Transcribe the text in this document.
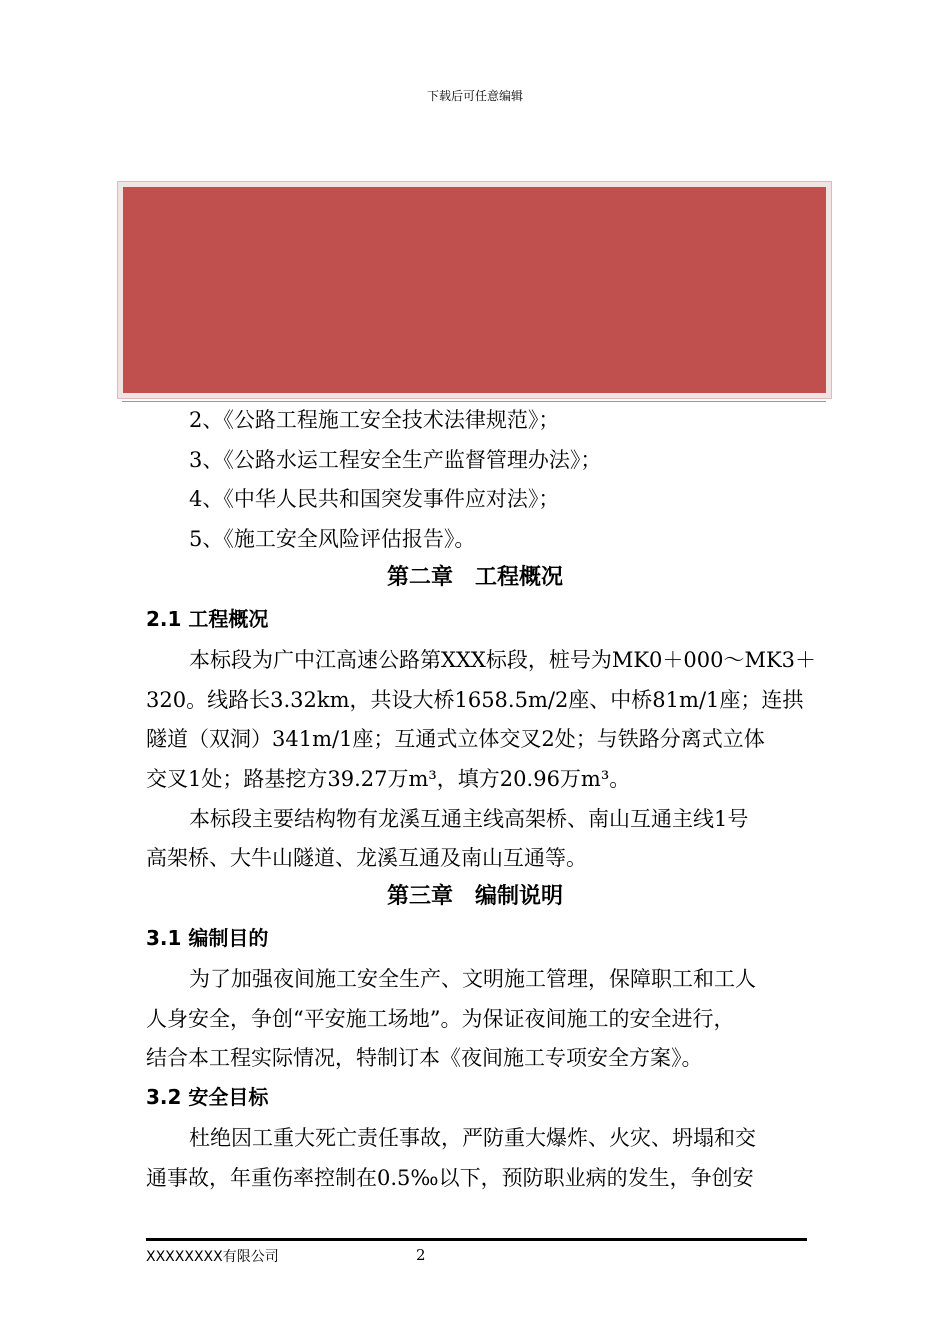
下载后可任意编辑
2、《公路工程施工安全技术法律规范》；
3、《公路水运工程安全生产监督管理办法》；
4、《中华人民共和国突发事件应对法》；
5、《施工安全风险评估报告》。
第二章　工程概况
2.1 工程概况
本标段为广中江高速公路第XXX标段，桩号为MK0＋000～MK3＋
320。线路长3.32km，共设大桥1658.5m/2座、中桥81m/1座；连拱
隧道（双洞）341m/1座；互通式立体交叉2处；与铁路分离式立体
交叉1处；路基挖方39.27万m³，填方20.96万m³。
本标段主要结构物有龙溪互通主线高架桥、南山互通主线1号
高架桥、大牛山隧道、龙溪互通及南山互通等。
第三章　编制说明
3.1 编制目的
为了加强夜间施工安全生产、文明施工管理，保障职工和工人
人身安全，争创“平安施工场地”。为保证夜间施工的安全进行，
结合本工程实际情况，特制订本《夜间施工专项安全方案》。
3.2 安全目标
杜绝因工重大死亡责任事故，严防重大爆炸、火灾、坍塌和交
通事故，年重伤率控制在0.5‰以下，预防职业病的发生，争创安
XXXXXXXX有限公司	2
